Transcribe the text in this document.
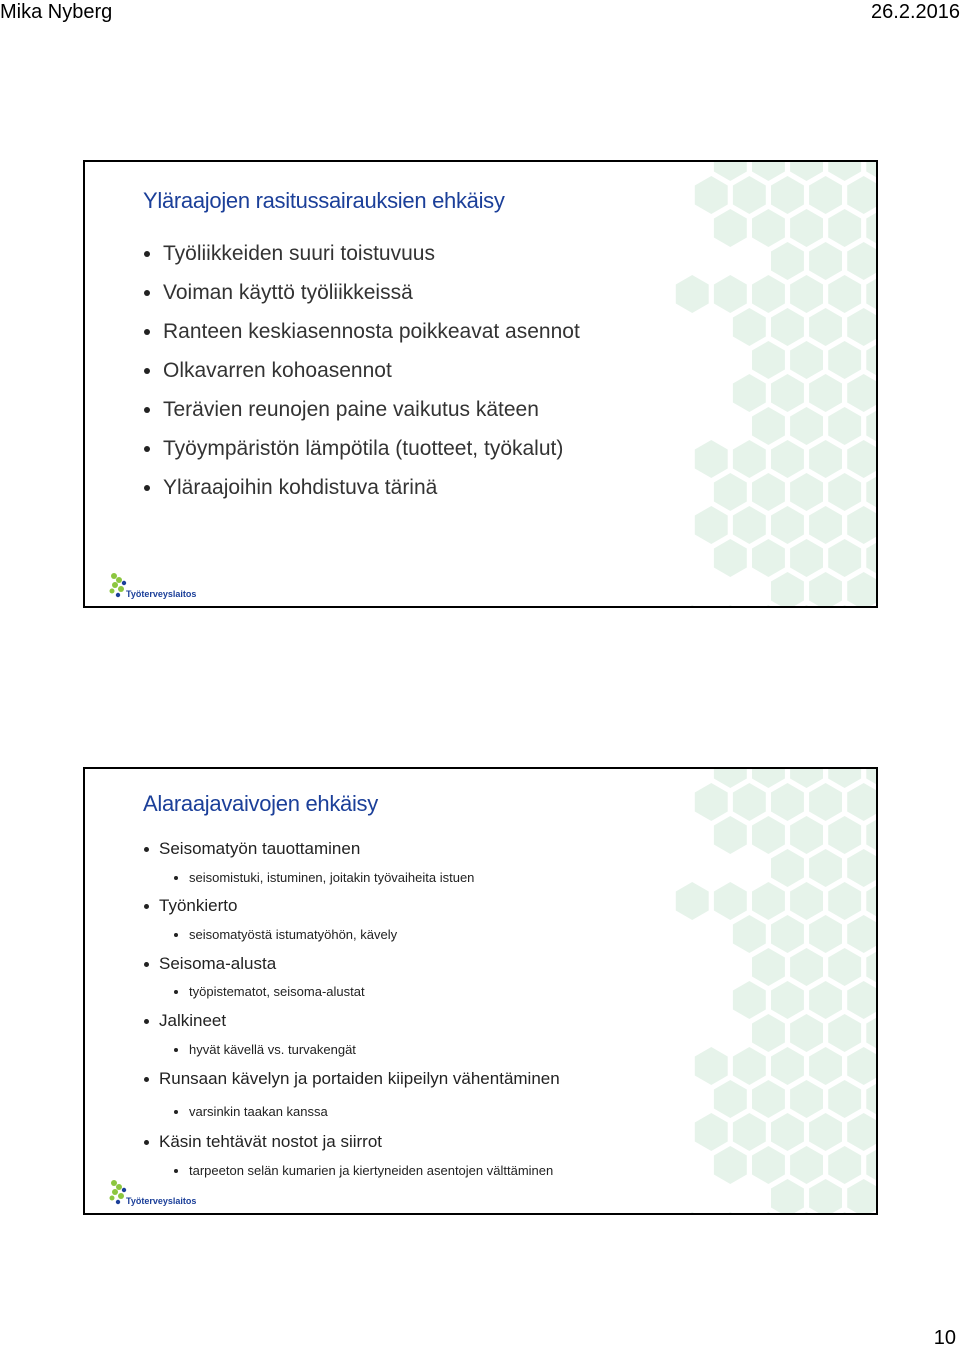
Mika Nyberg	26.2.2016
Yläraajojen rasitussairauksien ehkäisy
Työliikkeiden suuri toistuvuus
Voiman käyttö työliikkeissä
Ranteen keskiasennosta poikkeavat asennot
Olkavarren kohoasennot
Terävien reunojen paine vaikutus käteen
Työympäristön lämpötila (tuotteet, työkalut)
Yläraajoihin kohdistuva tärinä
Työterveyslaitos
Alaraajavaivojen ehkäisy
Seisomatyön tauottaminen
seisomistuki, istuminen, joitakin työvaiheita istuen
Työnkierto
seisomatyöstä istumatyöhön, kävely
Seisoma-alusta
työpistematot, seisoma-alustat
Jalkineet
hyvät kävellä vs. turvakengät
Runsaan kävelyn ja portaiden kiipeilyn vähentäminen
varsinkin taakan kanssa
Käsin tehtävät nostot ja siirrot
tarpeeton selän kumarien ja kiertyneiden asentojen välttäminen
Työterveyslaitos
10
